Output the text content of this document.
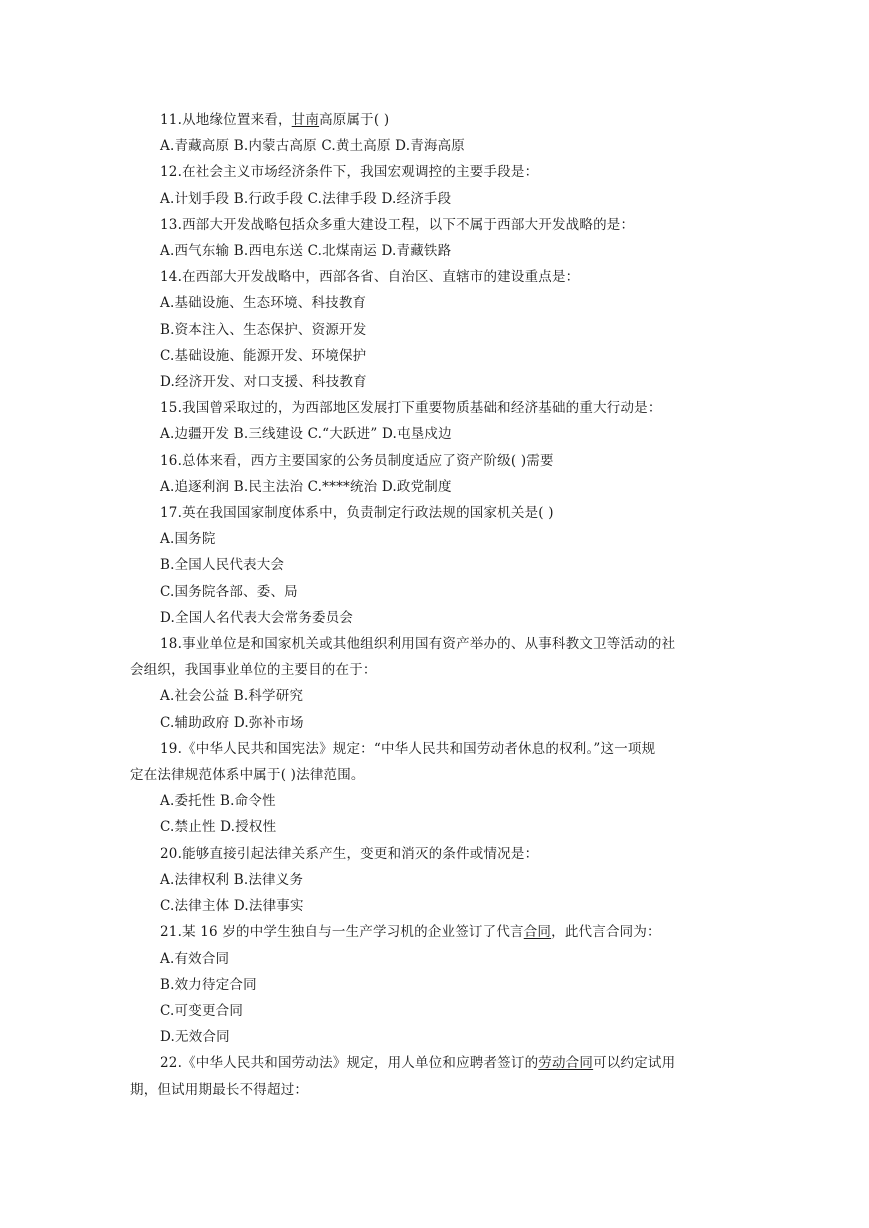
11.从地缘位置来看，甘南高原属于( )
A.青藏高原 B.内蒙古高原 C.黄土高原 D.青海高原
12.在社会主义市场经济条件下，我国宏观调控的主要手段是：
A.计划手段 B.行政手段 C.法律手段 D.经济手段
13.西部大开发战略包括众多重大建设工程，以下不属于西部大开发战略的是：
A.西气东输 B.西电东送 C.北煤南运 D.青藏铁路
14.在西部大开发战略中，西部各省、自治区、直辖市的建设重点是：
A.基础设施、生态环境、科技教育
B.资本注入、生态保护、资源开发
C.基础设施、能源开发、环境保护
D.经济开发、对口支援、科技教育
15.我国曾采取过的，为西部地区发展打下重要物质基础和经济基础的重大行动是：
A.边疆开发 B.三线建设 C.“大跃进” D.屯垦戍边
16.总体来看，西方主要国家的公务员制度适应了资产阶级( )需要
A.追逐利润 B.民主法治 C.****统治 D.政党制度
17.英在我国国家制度体系中，负责制定行政法规的国家机关是( )
A.国务院
B.全国人民代表大会
C.国务院各部、委、局
D.全国人名代表大会常务委员会
18.事业单位是和国家机关或其他组织利用国有资产举办的、从事科教文卫等活动的社
会组织，我国事业单位的主要目的在于：
A.社会公益 B.科学研究
C.辅助政府 D.弥补市场
19.《中华人民共和国宪法》规定：“中华人民共和国劳动者休息的权利。”这一项规
定在法律规范体系中属于( )法律范围。
A.委托性 B.命令性
C.禁止性 D.授权性
20.能够直接引起法律关系产生，变更和消灭的条件或情况是：
A.法律权利 B.法律义务
C.法律主体 D.法律事实
21.某 16 岁的中学生独自与一生产学习机的企业签订了代言合同，此代言合同为：
A.有效合同
B.效力待定合同
C.可变更合同
D.无效合同
22.《中华人民共和国劳动法》规定，用人单位和应聘者签订的劳动合同可以约定试用
期，但试用期最长不得超过：
